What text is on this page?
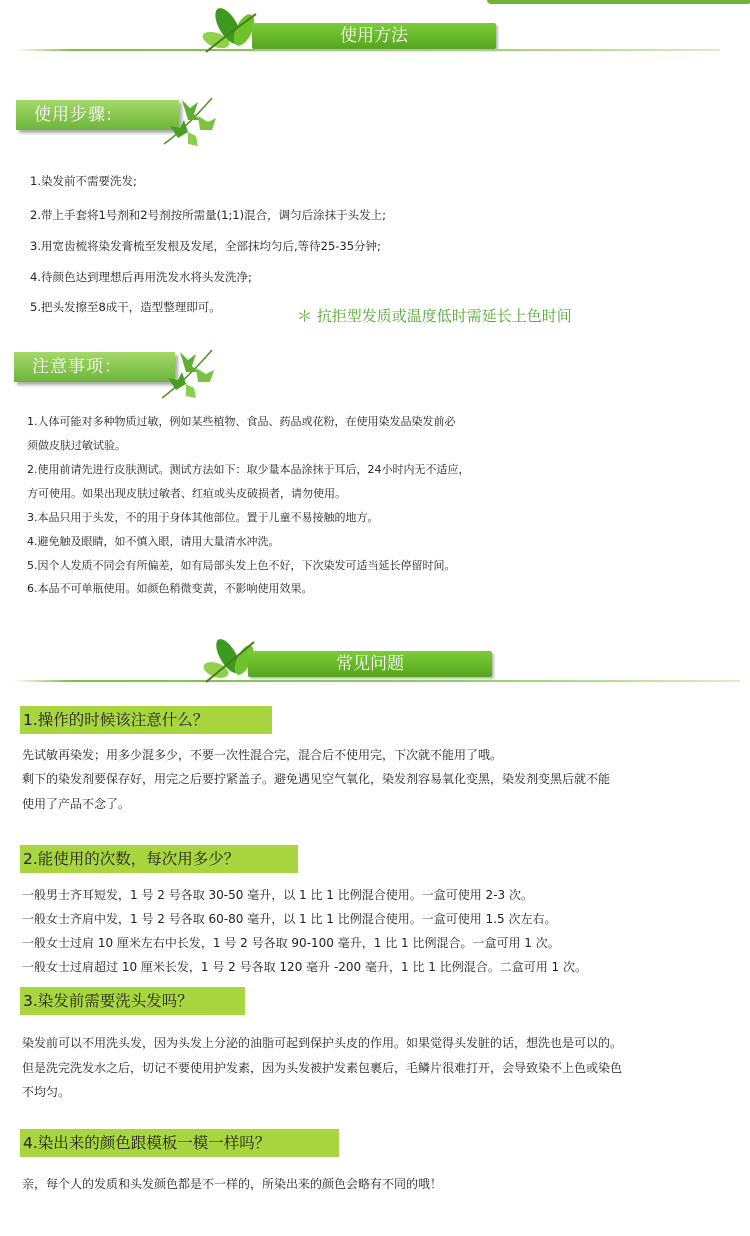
使用方法
使用步骤:
1.染发前不需要洗发;
2.带上手套将1号剂和2号剂按所需量(1;1)混合，调匀后涂抹于头发上;
3.用宽齿梳将染发膏梳至发根及发尾，全部抹均匀后,等待25-35分钟;
4.待颜色达到理想后再用洗发水将头发洗净;
5.把头发擦至8成干，造型整理即可。	＊ 抗拒型发质或温度低时需延长上色时间
注意事项：
1.人体可能对多种物质过敏，例如某些植物、食品、药品或花粉，在使用染发品染发前必
须做皮肤过敏试验。
2.使用前请先进行皮肤测试。测试方法如下：取少量本品涂抹于耳后，24小时内无不适应，
方可使用。如果出现皮肤过敏者、红疸或头皮破损者，请勿使用。
3.本品只用于头发，不的用于身体其他部位。置于儿童不易接触的地方。
4.避免触及眼睛，如不慎入眼，请用大量清水冲洗。
5.因个人发质不同会有所偏差，如有局部头发上色不好，下次染发可适当延长停留时间。
6.本品不可单瓶使用。如颜色稍微变黄，不影响使用效果。
常见问题
1.操作的时候该注意什么？
先试敏再染发；用多少混多少，不要一次性混合完，混合后不使用完，下次就不能用了哦。
剩下的染发剂要保存好，用完之后要拧紧盖子。避免遇见空气氧化，染发剂容易氧化变黑，染发剂变黑后就不能
使用了产品不念了。
2.能使用的次数，每次用多少？
一般男士齐耳短发，1 号 2 号各取 30-50 毫升，以 1 比 1 比例混合使用。一盒可使用 2-3 次。
一般女士齐肩中发，1 号 2 号各取 60-80 毫升，以 1 比 1 比例混合使用。一盒可使用 1.5 次左右。
一般女士过肩 10 厘米左右中长发，1 号 2 号各取 90-100 毫升，1 比 1 比例混合。一盒可用 1 次。
一般女士过肩超过 10 厘米长发，1 号 2 号各取 120 毫升 -200 毫升，1 比 1 比例混合。二盒可用 1 次。
3.染发前需要洗头发吗？
染发前可以不用洗头发，因为头发上分泌的油脂可起到保护头皮的作用。如果觉得头发脏的话，想洗也是可以的。
但是洗完洗发水之后，切记不要使用护发素，因为头发被护发素包裹后，毛鳞片很难打开，会导致染不上色或染色
不均匀。
4.染出来的颜色跟模板一模一样吗？
亲，每个人的发质和头发颜色都是不一样的，所染出来的颜色会略有不同的哦！
